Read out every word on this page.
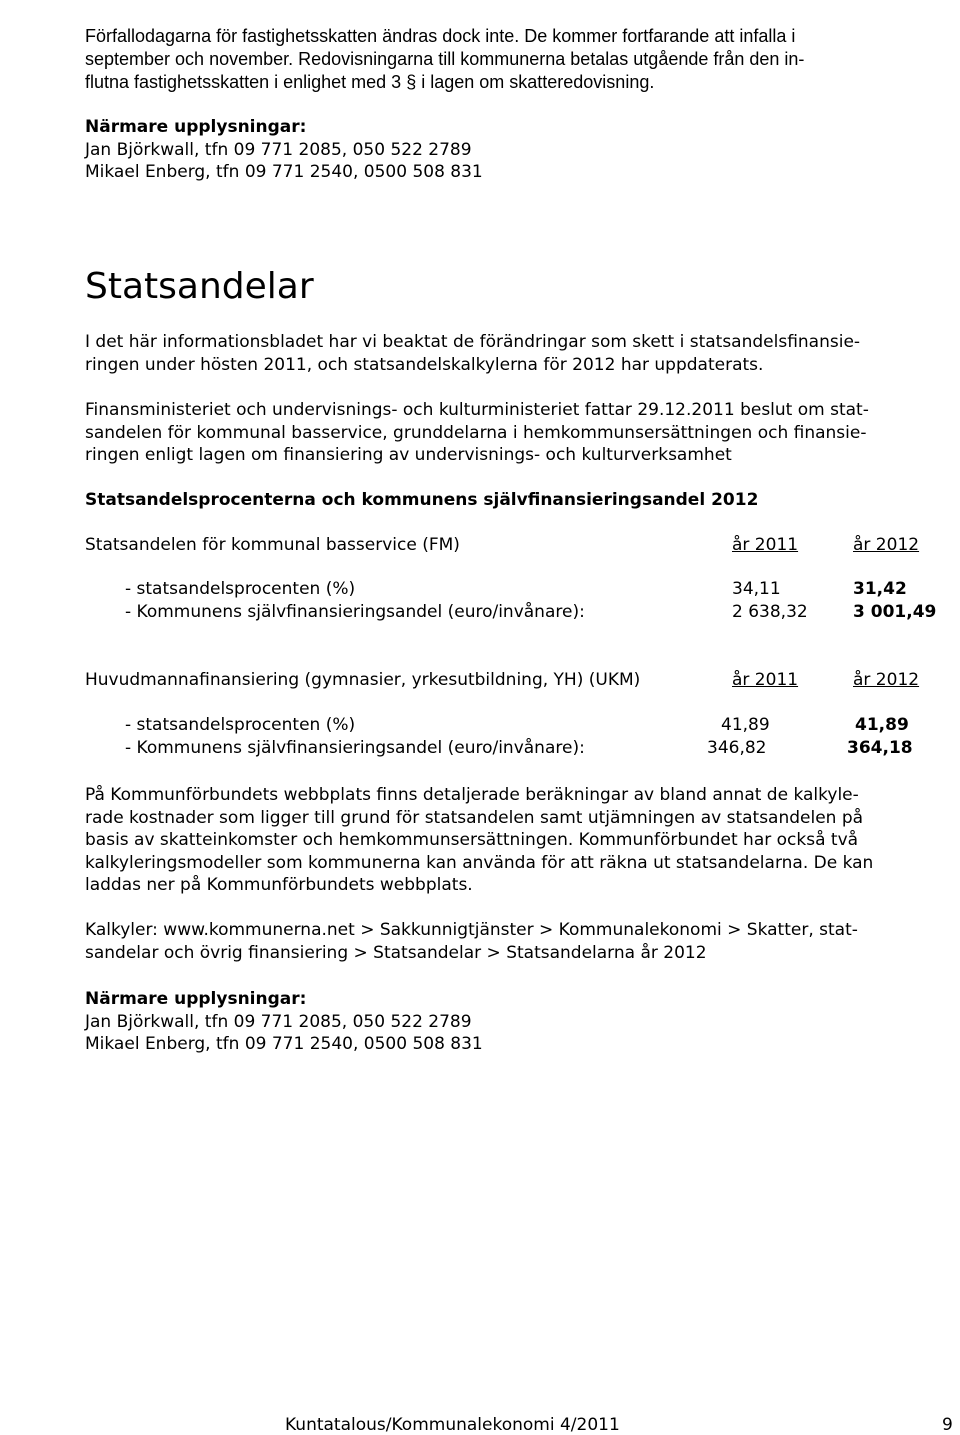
Förfallodagarna för fastighetsskatten ändras dock inte. De kommer fortfarande att infalla i
september och november. Redovisningarna till kommunerna betalas utgående från den in-
flutna fastighetsskatten i enlighet med 3 § i lagen om skatteredovisning.
Närmare upplysningar:
Jan Björkwall, tfn 09 771 2085, 050 522 2789
Mikael Enberg, tfn 09 771 2540, 0500 508 831
Statsandelar
I det här informationsbladet har vi beaktat de förändringar som skett i statsandelsfinansie-
ringen under hösten 2011, och statsandelskalkylerna för 2012 har uppdaterats.
Finansministeriet och undervisnings- och kulturministeriet fattar 29.12.2011 beslut om stat-
sandelen för kommunal basservice, grunddelarna i hemkommunsersättningen och finansie-
ringen enligt lagen om finansiering av undervisnings- och kulturverksamhet
Statsandelsprocenterna och kommunens självfinansieringsandel 2012
Statsandelen för kommunal basservice (FM)	år 2011	år 2012
- statsandelsprocenten (%)	34,11	31,42
- Kommunens självfinansieringsandel (euro/invånare):	2 638,32	3 001,49
Huvudmannafinansiering (gymnasier, yrkesutbildning, YH) (UKM)	år 2011	år 2012
- statsandelsprocenten (%)	41,89	41,89
- Kommunens självfinansieringsandel (euro/invånare):	346,82	364,18
På Kommunförbundets webbplats finns detaljerade beräkningar av bland annat de kalkyle-
rade kostnader som ligger till grund för statsandelen samt utjämningen av statsandelen på
basis av skatteinkomster och hemkommunsersättningen. Kommunförbundet har också två
kalkyleringsmodeller som kommunerna kan använda för att räkna ut statsandelarna. De kan
laddas ner på Kommunförbundets webbplats.
Kalkyler: www.kommunerna.net > Sakkunnigtjänster > Kommunalekonomi > Skatter, stat-
sandelar och övrig finansiering > Statsandelar > Statsandelarna år 2012
Närmare upplysningar:
Jan Björkwall, tfn 09 771 2085, 050 522 2789
Mikael Enberg, tfn 09 771 2540, 0500 508 831
Kuntatalous/Kommunalekonomi 4/2011	9
